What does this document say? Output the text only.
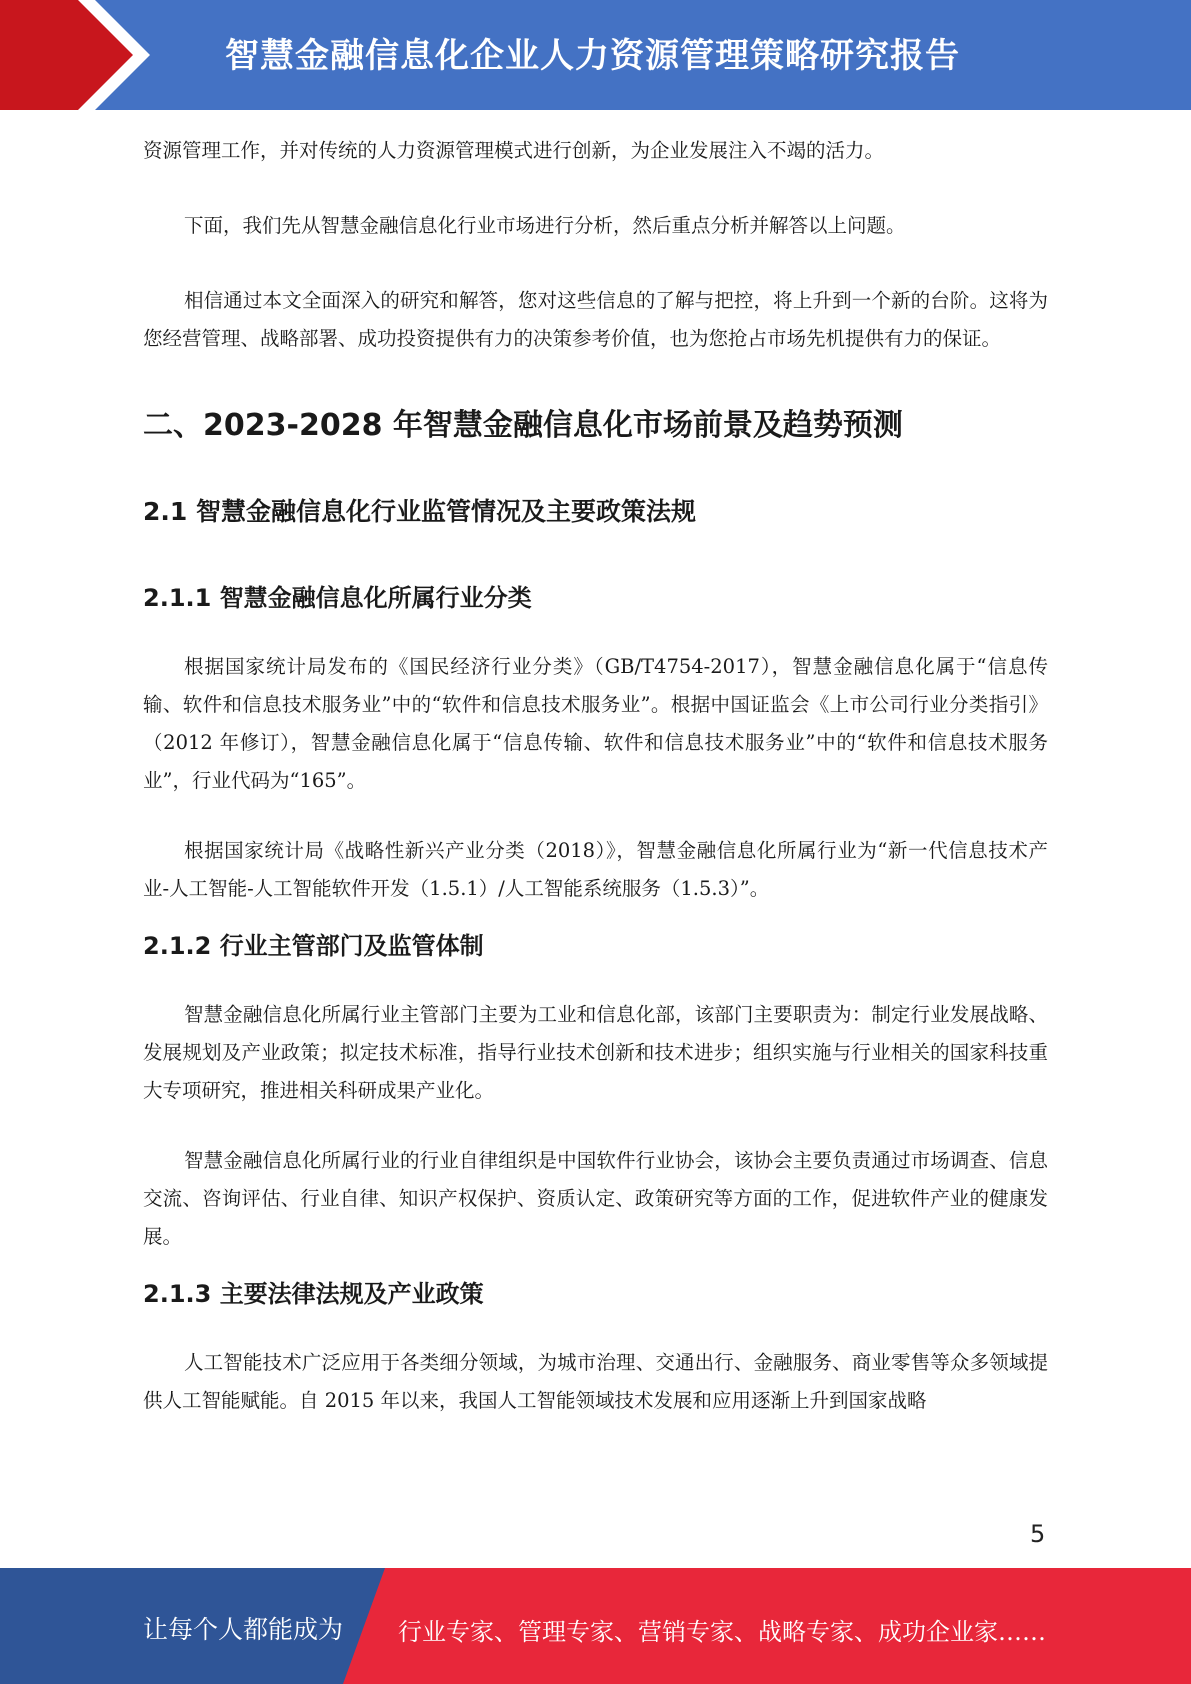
智慧金融信息化企业人力资源管理策略研究报告

资源管理工作，并对传统的人力资源管理模式进行创新，为企业发展注入不竭的活力。

下面，我们先从智慧金融信息化行业市场进行分析，然后重点分析并解答以上问题。

相信通过本文全面深入的研究和解答，您对这些信息的了解与把控，将上升到一个新的台阶。这将为您经营管理、战略部署、成功投资提供有力的决策参考价值，也为您抢占市场先机提供有力的保证。

二、2023-2028 年智慧金融信息化市场前景及趋势预测
2.1 智慧金融信息化行业监管情况及主要政策法规
2.1.1 智慧金融信息化所属行业分类

根据国家统计局发布的《国民经济行业分类》（GB/T4754-2017），智慧金融信息化属于“信息传输、软件和信息技术服务业”中的“软件和信息技术服务业”。根据中国证监会《上市公司行业分类指引》（2012 年修订），智慧金融信息化属于“信息传输、软件和信息技术服务业”中的“软件和信息技术服务业”，行业代码为“165”。

根据国家统计局《战略性新兴产业分类（2018）》，智慧金融信息化所属行业为“新一代信息技术产业-人工智能-人工智能软件开发（1.5.1）/人工智能系统服务（1.5.3）”。

2.1.2 行业主管部门及监管体制

智慧金融信息化所属行业主管部门主要为工业和信息化部，该部门主要职责为：制定行业发展战略、发展规划及产业政策；拟定技术标准，指导行业技术创新和技术进步；组织实施与行业相关的国家科技重大专项研究，推进相关科研成果产业化。

智慧金融信息化所属行业的行业自律组织是中国软件行业协会，该协会主要负责通过市场调查、信息交流、咨询评估、行业自律、知识产权保护、资质认定、政策研究等方面的工作，促进软件产业的健康发展。

2.1.3 主要法律法规及产业政策

人工智能技术广泛应用于各类细分领域，为城市治理、交通出行、金融服务、商业零售等众多领域提供人工智能赋能。自 2015 年以来，我国人工智能领域技术发展和应用逐渐上升到国家战略

5
让每个人都能成为 行业专家、管理专家、营销专家、战略专家、成功企业家……
